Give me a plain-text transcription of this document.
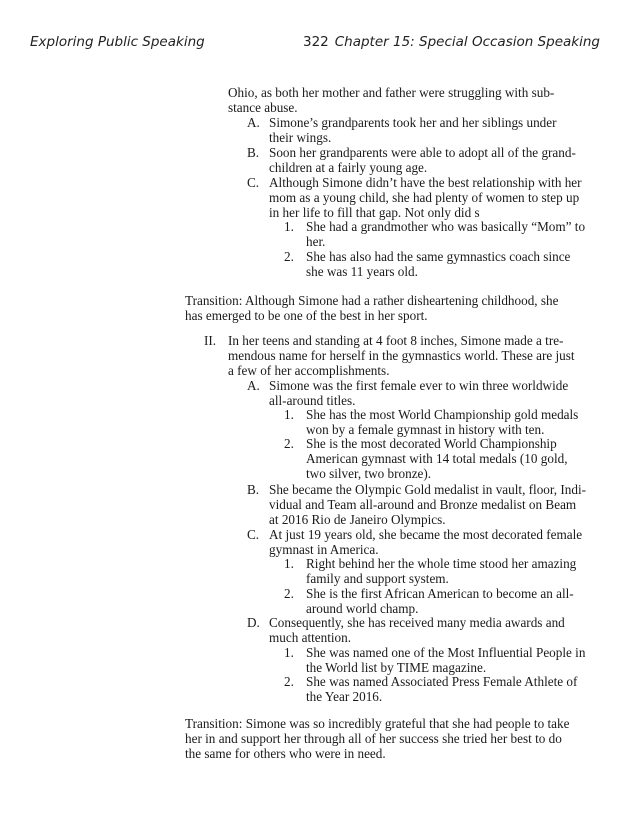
Exploring Public Speaking	322 Chapter 15: Special Occasion Speaking
Ohio, as both her mother and father were struggling with sub-
stance abuse.
A. Simone’s grandparents took her and her siblings under
their wings.
B. Soon her grandparents were able to adopt all of the grand-
children at a fairly young age.
C. Although Simone didn’t have the best relationship with her
mom as a young child, she had plenty of women to step up
in her life to fill that gap. Not only did s
1. She had a grandmother who was basically “Mom” to
her.
2. She has also had the same gymnastics coach since
she was 11 years old.
Transition: Although Simone had a rather disheartening childhood, she
has emerged to be one of the best in her sport.
II. In her teens and standing at 4 foot 8 inches, Simone made a tre-
mendous name for herself in the gymnastics world. These are just
a few of her accomplishments.
A. Simone was the first female ever to win three worldwide
all-around titles.
1. She has the most World Championship gold medals
won by a female gymnast in history with ten.
2. She is the most decorated World Championship
American gymnast with 14 total medals (10 gold,
two silver, two bronze).
B. She became the Olympic Gold medalist in vault, floor, Indi-
vidual and Team all-around and Bronze medalist on Beam
at 2016 Rio de Janeiro Olympics.
C. At just 19 years old, she became the most decorated female
gymnast in America.
1. Right behind her the whole time stood her amazing
family and support system.
2. She is the first African American to become an all-
around world champ.
D. Consequently, she has received many media awards and
much attention.
1. She was named one of the Most Influential People in
the World list by TIME magazine.
2. She was named Associated Press Female Athlete of
the Year 2016.
Transition: Simone was so incredibly grateful that she had people to take
her in and support her through all of her success she tried her best to do
the same for others who were in need.
